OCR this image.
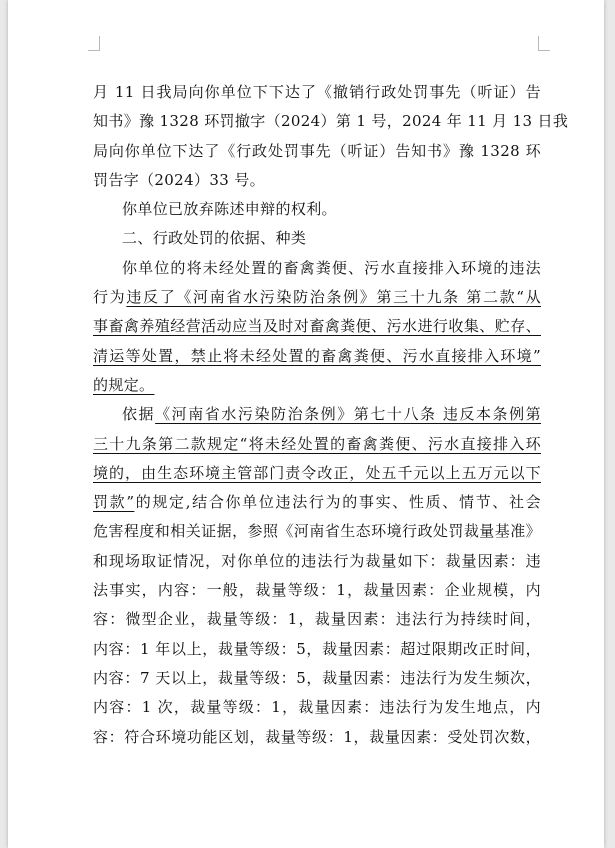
月 11 日我局向你单位下下达了《撤销行政处罚事先（听证）告
知书》豫 1328 环罚撤字（2024）第 1 号，2024 年 11 月 13 日我
局向你单位下达了《行政处罚事先（听证）告知书》豫 1328 环
罚告字（2024）33 号。
你单位已放弃陈述申辩的权利。
二、行政处罚的依据、种类
你单位的将未经处置的畜禽粪便、污水直接排入环境的违法
行为违反了《河南省水污染防治条例》第三十九条 第二款“从
事畜禽养殖经营活动应当及时对畜禽粪便、污水进行收集、贮存、
清运等处置，禁止将未经处置的畜禽粪便、污水直接排入环境”
的规定。
依据《河南省水污染防治条例》第七十八条 违反本条例第
三十九条第二款规定“将未经处置的畜禽粪便、污水直接排入环
境的，由生态环境主管部门责令改正，处五千元以上五万元以下
罚款”的规定,结合你单位违法行为的事实、性质、情节、社会
危害程度和相关证据，参照《河南省生态环境行政处罚裁量基准》
和现场取证情况，对你单位的违法行为裁量如下：裁量因素：违
法事实，内容：一般，裁量等级：1，裁量因素：企业规模，内
容：微型企业，裁量等级：1，裁量因素：违法行为持续时间，
内容：1 年以上，裁量等级：5，裁量因素：超过限期改正时间，
内容：7 天以上，裁量等级：5，裁量因素：违法行为发生频次，
内容：1 次，裁量等级：1，裁量因素：违法行为发生地点，内
容：符合环境功能区划，裁量等级：1，裁量因素：受处罚次数，
